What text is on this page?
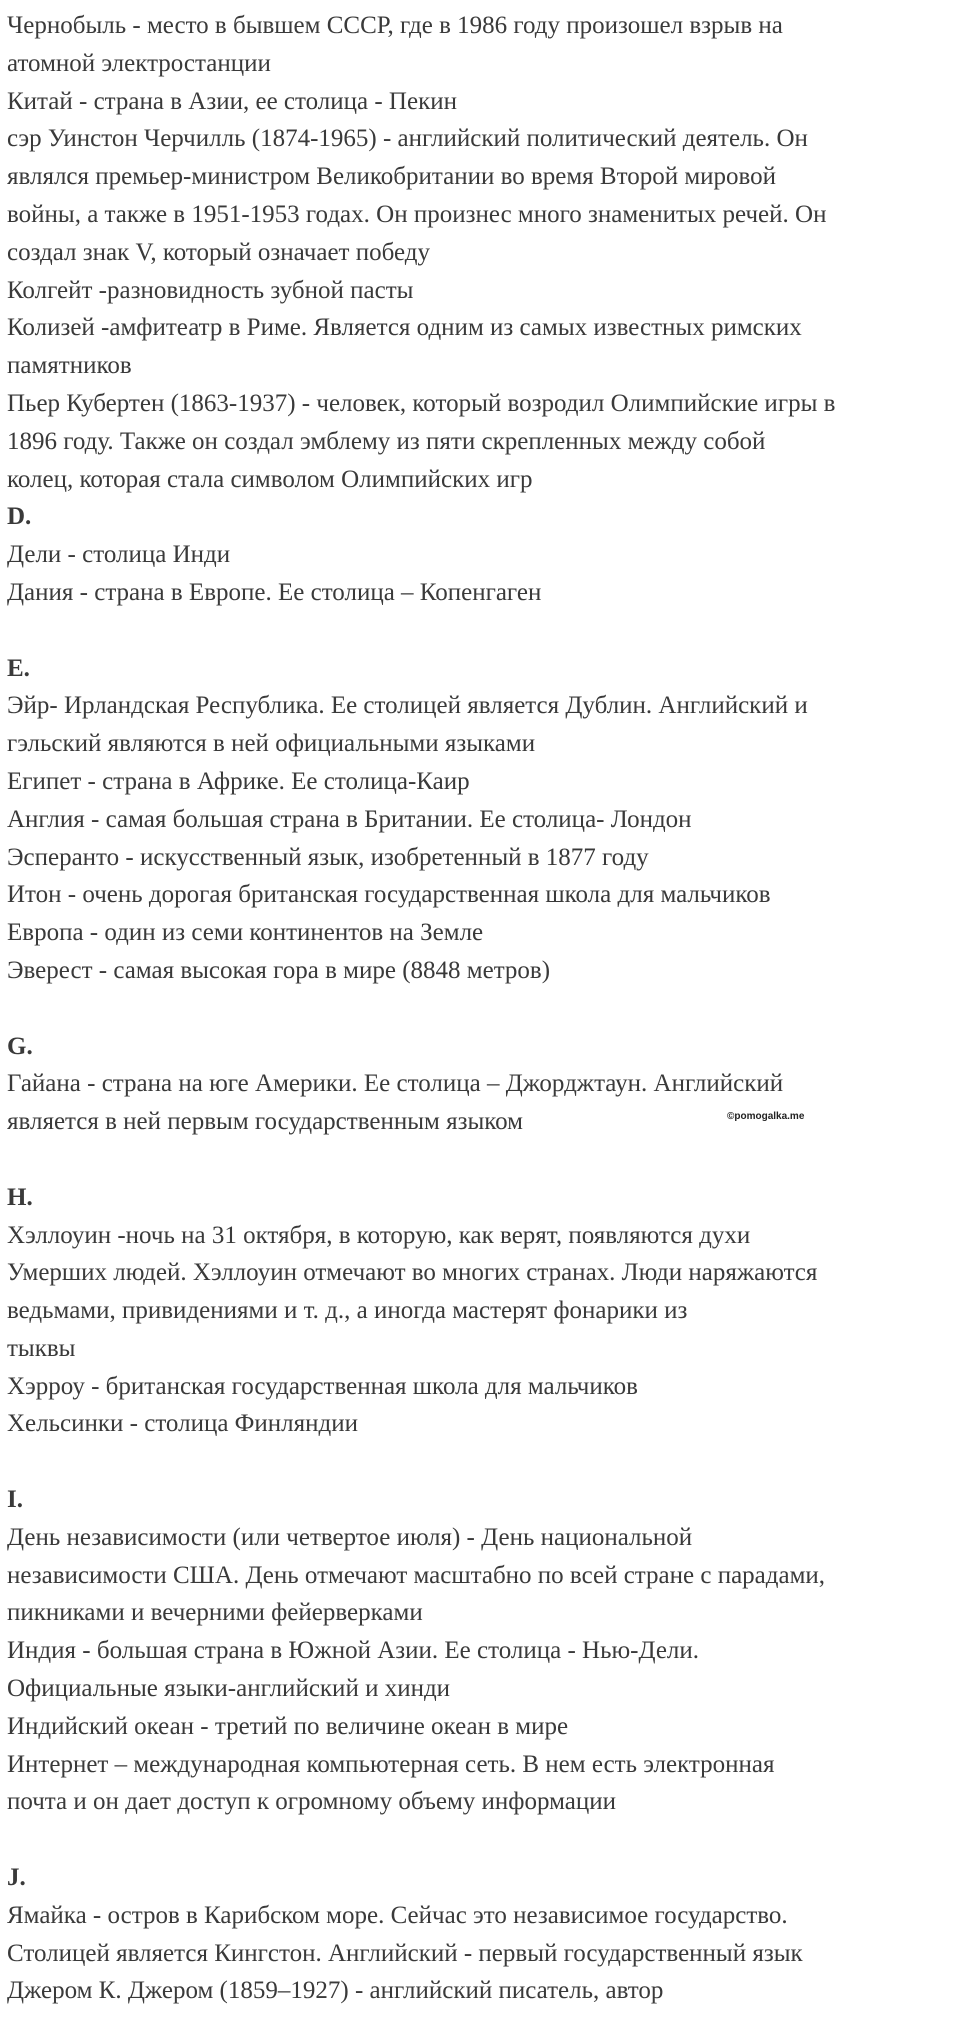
Чернобыль - место в бывшем СССР, где в 1986 году произошел взрыв на
атомной электростанции
Китай - страна в Азии, ее столица - Пекин
сэр Уинстон Черчилль (1874-1965) - английский политический деятель. Он
являлся премьер-министром Великобритании во время Второй мировой
войны, а также в 1951-1953 годах. Он произнес много знаменитых речей. Он
создал знак V, который означает победу
Колгейт -разновидность зубной пасты
Колизей -амфитеатр в Риме. Является одним из самых известных римских
памятников
Пьер Кубертен (1863-1937) - человек, который возродил Олимпийские игры в
1896 году. Также он создал эмблему из пяти скрепленных между собой
колец, которая стала символом Олимпийских игр
D.
Дели - столица Инди
Дания - страна в Европе. Ее столица – Копенгаген
E.
Эйр- Ирландская Республика. Ее столицей является Дублин. Английский и
гэльский являются в ней официальными языками
Египет - страна в Африке. Ее столица-Каир
Англия - самая большая страна в Британии. Ее столица- Лондон
Эсперанто - искусственный язык, изобретенный в 1877 году
Итон - очень дорогая британская государственная школа для мальчиков
Европа - один из семи континентов на Земле
Эверест - самая высокая гора в мире (8848 метров)
G.
Гайана - страна на юге Америки. Ее столица – Джорджтаун. Английский
является в ней первым государственным языком
H.
Хэллоуин -ночь на 31 октября, в которую, как верят, появляются духи
Умерших людей. Хэллоуин отмечают во многих странах. Люди наряжаются
ведьмами, привидениями и т. д., а иногда мастерят фонарики из
тыквы
Хэрроу - британская государственная школа для мальчиков
Хельсинки - столица Финляндии
I.
День независимости (или четвертое июля) - День национальной
независимости США. День отмечают масштабно по всей стране с парадами,
пикниками и вечерними фейерверками
Индия - большая страна в Южной Азии. Ее столица - Нью-Дели.
Официальные языки-английский и хинди
Индийский океан - третий по величине океан в мире
Интернет – международная компьютерная сеть. В нем есть электронная
почта и он дает доступ к огромному объему информации
J.
Ямайка - остров в Карибском море. Сейчас это независимое государство.
Столицей является Кингстон. Английский - первый государственный язык
Джером К. Джером (1859–1927) - английский писатель, автор
©pomogalka.me
